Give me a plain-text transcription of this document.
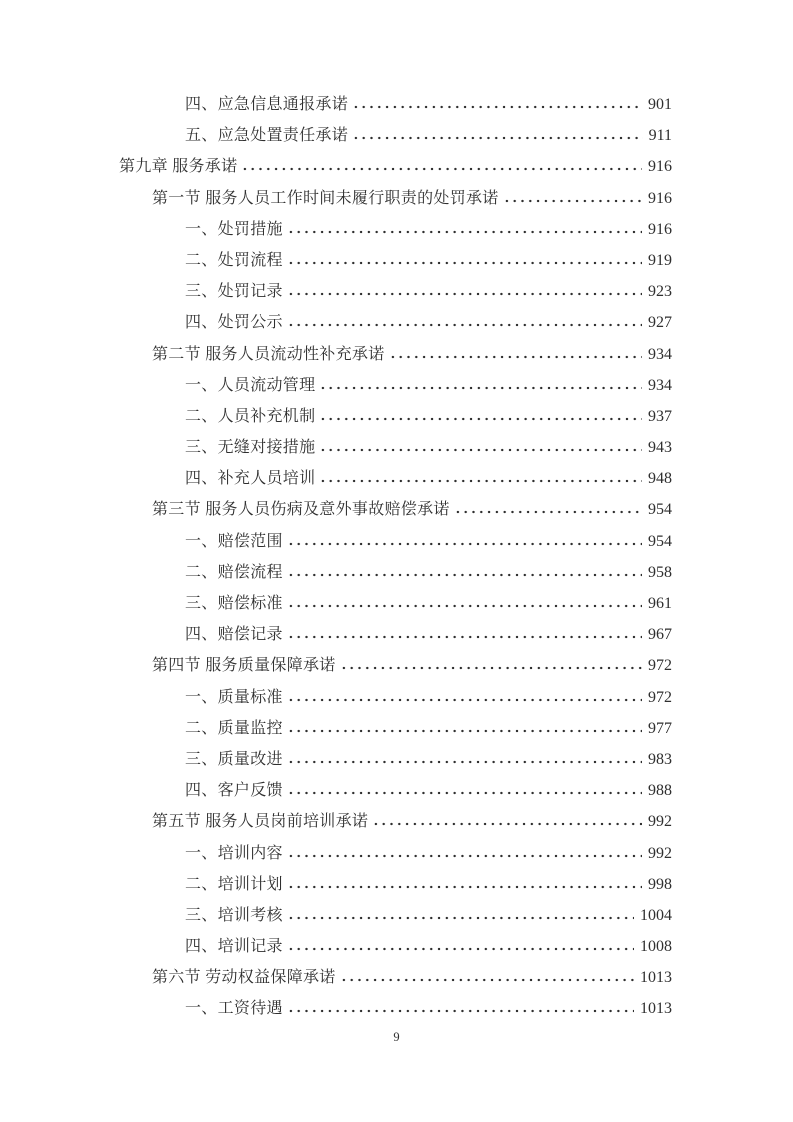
四、应急信息通报承诺	901
五、应急处置责任承诺	911
第九章 服务承诺	916
第一节 服务人员工作时间未履行职责的处罚承诺	916
一、处罚措施	916
二、处罚流程	919
三、处罚记录	923
四、处罚公示	927
第二节 服务人员流动性补充承诺	934
一、人员流动管理	934
二、人员补充机制	937
三、无缝对接措施	943
四、补充人员培训	948
第三节 服务人员伤病及意外事故赔偿承诺	954
一、赔偿范围	954
二、赔偿流程	958
三、赔偿标准	961
四、赔偿记录	967
第四节 服务质量保障承诺	972
一、质量标准	972
二、质量监控	977
三、质量改进	983
四、客户反馈	988
第五节 服务人员岗前培训承诺	992
一、培训内容	992
二、培训计划	998
三、培训考核	1004
四、培训记录	1008
第六节 劳动权益保障承诺	1013
一、工资待遇	1013
9
